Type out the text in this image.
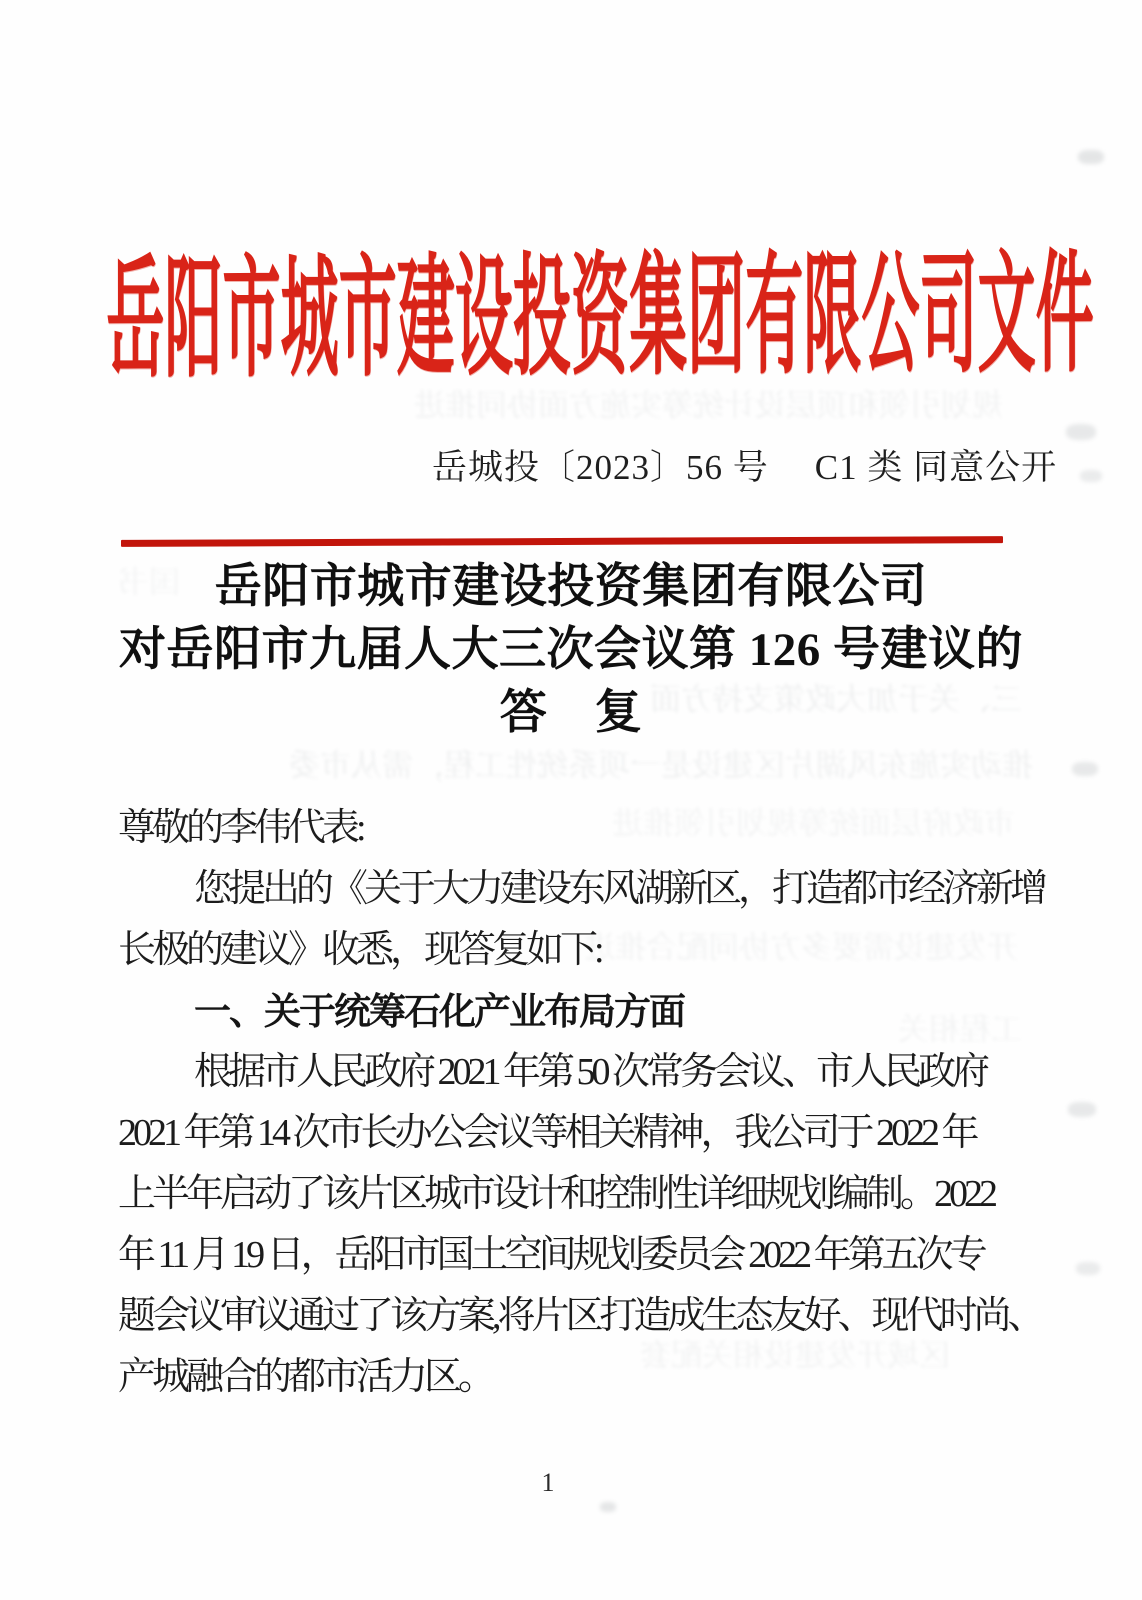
规划引领和顶层设计统筹实施方面协同推进
国书
三、关于加大政策支持方面
推动实施东风湖片区建设是一项系统性工程，需从市委
市政府层面统筹规划引领推进
开发建设需要多方协同配合推进
工程相关
区域开发建设相关配套
岳阳市城市建设投资集团有限公司文件
岳城投〔2023〕56 号 C1 类 同意公开
岳阳市城市建设投资集团有限公司
对岳阳市九届人大三次会议第 126 号建议的
答　复
尊敬的李伟代表:
您提出的《关于大力建设东风湖新区，打造都市经济新增
长极的建议》收悉，现答复如下:
一、关于统筹石化产业布局方面
根据市人民政府 2021 年第 50 次常务会议、市人民政府
2021 年第 14 次市长办公会议等相关精神，我公司于 2022 年
上半年启动了该片区城市设计和控制性详细规划编制。2022
年 11 月 19 日，岳阳市国土空间规划委员会 2022 年第五次专
题会议审议通过了该方案,将片区打造成生态友好、现代时尚、
产城融合的都市活力区。
1
